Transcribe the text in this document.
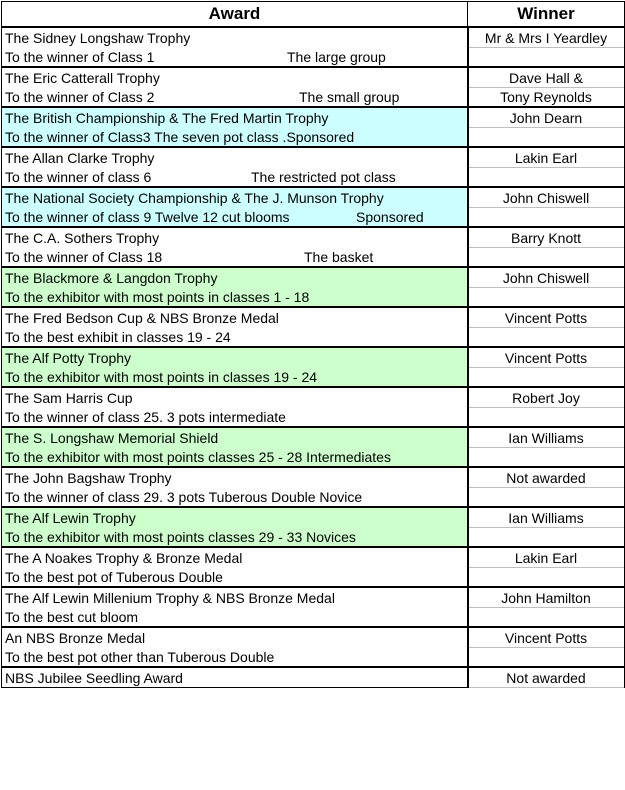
Award	Winner
The Sidney Longshaw Trophy	Mr & Mrs I Yeardley
To the winner of Class 1 The large group	

The Eric Catterall Trophy	Dave Hall &
To the winner of Class 2 The small group	Tony Reynolds
The British Championship & The Fred Martin Trophy	John Dearn
To the winner of Class3 The seven pot class .Sponsored	
The Allan Clarke Trophy	Lakin Earl
To the winner of class 6 The restricted pot class	

The National Society Championship & The J. Munson Trophy	John Chiswell
To the winner of class 9 Twelve 12 cut blooms Sponsored	

The C.A. Sothers Trophy	Barry Knott
To the winner of Class 18 The basket	

The Blackmore & Langdon Trophy	John Chiswell
To the exhibitor with most points in classes 1 - 18	
The Fred Bedson Cup & NBS Bronze Medal	Vincent Potts
To the best exhibit in classes 19 - 24	
The Alf Potty Trophy	Vincent Potts
To the exhibitor with most points in classes 19 - 24	
The Sam Harris Cup	Robert Joy
To the winner of class 25. 3 pots intermediate	
The S. Longshaw Memorial Shield	Ian Williams
To the exhibitor with most points classes 25 - 28 Intermediates	
The John Bagshaw Trophy	Not awarded
To the winner of class 29. 3 pots Tuberous Double Novice	
The Alf Lewin Trophy	Ian Williams
To the exhibitor with most points classes 29 - 33 Novices	
The A Noakes Trophy & Bronze Medal	Lakin Earl
To the best pot of Tuberous Double	
The Alf Lewin Millenium Trophy & NBS Bronze Medal	John Hamilton
To the best cut bloom	
An NBS Bronze Medal	Vincent Potts
To the best pot other than Tuberous Double	
NBS Jubilee Seedling Award	Not awarded
